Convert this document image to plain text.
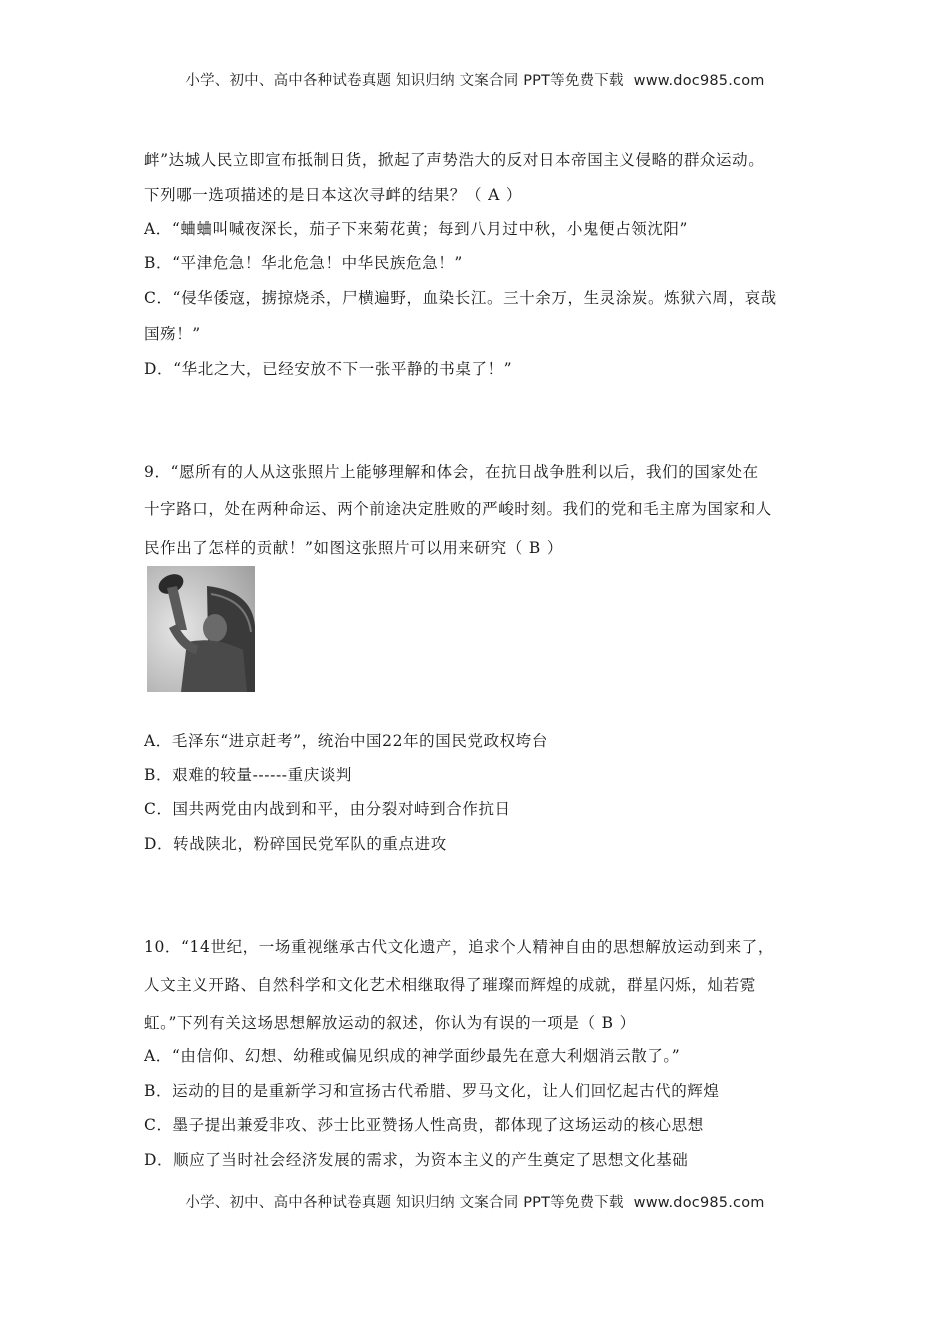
小学、初中、高中各种试卷真题 知识归纳 文案合同 PPT等免费下载 www.doc985.com
衅”达城人民立即宣布抵制日货，掀起了声势浩大的反对日本帝国主义侵略的群众运动。
下列哪一选项描述的是日本这次寻衅的结果？（ A ）
A．“蛐蛐叫喊夜深长，茄子下来菊花黄；每到八月过中秋，小鬼便占领沈阳”
B．“平津危急！华北危急！中华民族危急！”
C．“侵华倭寇，掳掠烧杀，尸横遍野，血染长江。三十余万，生灵涂炭。炼狱六周，哀哉
国殇！”
D．“华北之大，已经安放不下一张平静的书桌了！”
9．“愿所有的人从这张照片上能够理解和体会，在抗日战争胜利以后，我们的国家处在
十字路口，处在两种命运、两个前途决定胜败的严峻时刻。我们的党和毛主席为国家和人
民作出了怎样的贡献！”如图这张照片可以用来研究（ B ）
A．毛泽东“进京赶考”，统治中国22年的国民党政权垮台
B．艰难的较量------重庆谈判
C．国共两党由内战到和平，由分裂对峙到合作抗日
D．转战陕北，粉碎国民党军队的重点进攻
10．“14世纪，一场重视继承古代文化遗产，追求个人精神自由的思想解放运动到来了，
人文主义开路、自然科学和文化艺术相继取得了璀璨而辉煌的成就，群星闪烁，灿若霓
虹。”下列有关这场思想解放运动的叙述，你认为有误的一项是（ B ）
A．“由信仰、幻想、幼稚或偏见织成的神学面纱最先在意大利烟消云散了。”
B．运动的目的是重新学习和宣扬古代希腊、罗马文化，让人们回忆起古代的辉煌
C．墨子提出兼爱非攻、莎士比亚赞扬人性高贵，都体现了这场运动的核心思想
D．顺应了当时社会经济发展的需求，为资本主义的产生奠定了思想文化基础
小学、初中、高中各种试卷真题 知识归纳 文案合同 PPT等免费下载 www.doc985.com
